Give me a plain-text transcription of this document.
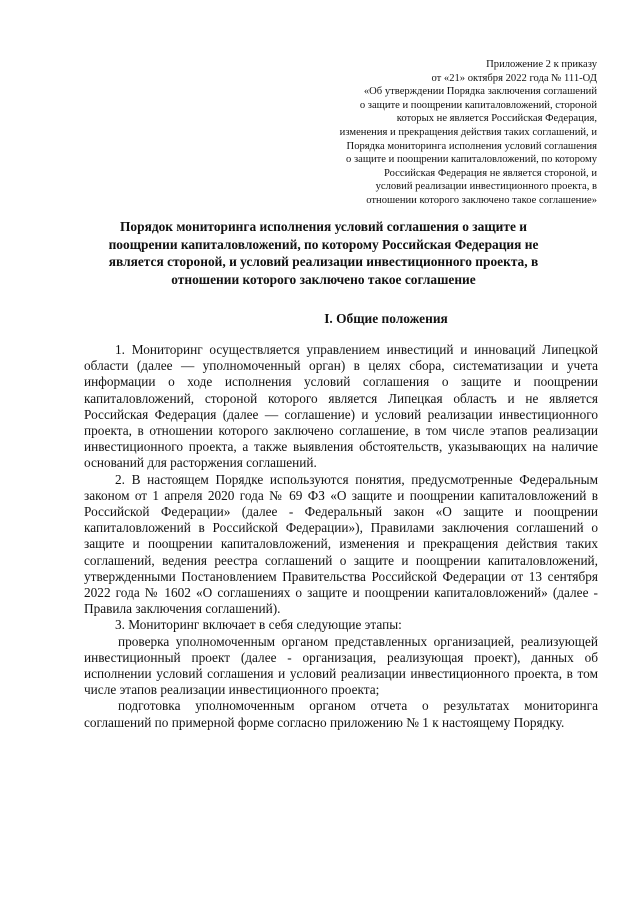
Приложение 2 к приказу
от «21» октября 2022 года № 111-ОД
«Об утверждении Порядка заключения соглашений
о защите и поощрении капиталовложений, стороной
которых не является Российская Федерация,
изменения и прекращения действия таких соглашений, и
Порядка мониторинга исполнения условий соглашения
о защите и поощрении капиталовложений, по которому
Российская Федерация не является стороной, и
условий реализации инвестиционного проекта, в
отношении которого заключено такое соглашение»
Порядок мониторинга исполнения условий соглашения о защите и поощрении капиталовложений, по которому Российская Федерация не является стороной, и условий реализации инвестиционного проекта, в отношении которого заключено такое соглашение
I. Общие положения

1. Мониторинг осуществляется управлением инвестиций и инноваций Липецкой области (далее — уполномоченный орган) в целях сбора, систематизации и учета информации о ходе исполнения условий соглашения о защите и поощрении капиталовложений, стороной которого является Липецкая область и не является Российская Федерация (далее — соглашение) и условий реализации инвестиционного проекта, в отношении которого заключено соглашение, в том числе этапов реализации инвестиционного проекта, а также выявления обстоятельств, указывающих на наличие оснований для расторжения соглашений.

2. В настоящем Порядке используются понятия, предусмотренные Федеральным законом от 1 апреля 2020 года № 69 ФЗ «О защите и поощрении капиталовложений в Российской Федерации» (далее - Федеральный закон «О защите и поощрении капиталовложений в Российской Федерации»), Правилами заключения соглашений о защите и поощрении капиталовложений, изменения и прекращения действия таких соглашений, ведения реестра соглашений о защите и поощрении капиталовложений, утвержденными Постановлением Правительства Российской Федерации от 13 сентября 2022 года № 1602 «О соглашениях о защите и поощрении капиталовложений» (далее - Правила заключения соглашений).

3. Мониторинг включает в себя следующие этапы:

проверка уполномоченным органом представленных организацией, реализующей инвестиционный проект (далее - организация, реализующая проект), данных об исполнении условий соглашения и условий реализации инвестиционного проекта, в том числе этапов реализации инвестиционного проекта;

подготовка уполномоченным органом отчета о результатах мониторинга соглашений по примерной форме согласно приложению № 1 к настоящему Порядку.
